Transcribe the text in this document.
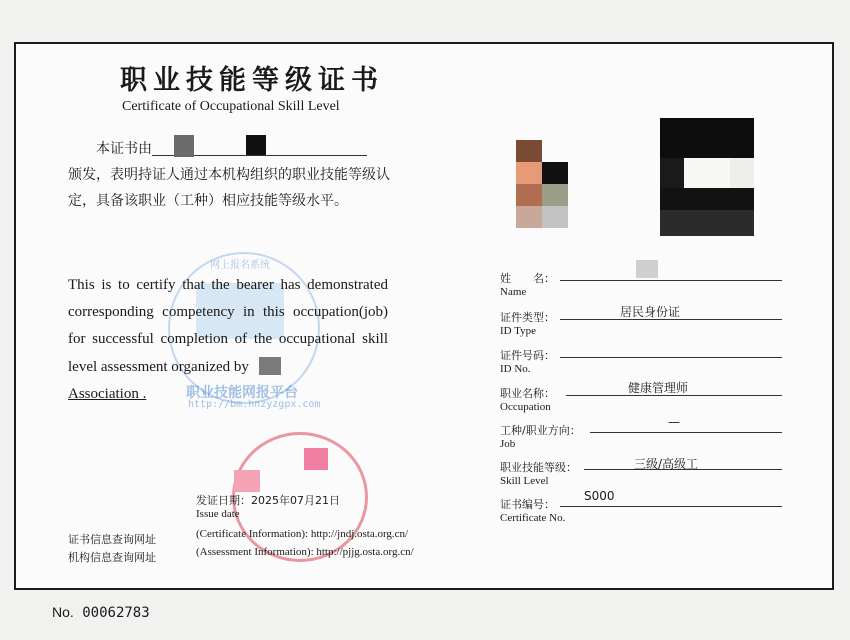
职业技能等级证书
Certificate of Occupational Skill Level
本证书由

颁发，表明持证人通过本机构组织的职业技能等级认定，具备该职业（工种）相应技能等级水平。
网上报名系统
This is to certify that the bearer has demonstrated corresponding competency in this occupation(job) for successful completion of the occupational skill level assessment organized by
Association .	职业技能网报平台
http://bm.hnzyzgpx.com
发证日期：2025年07月21日
Issue date
证书信息查询网址	(Certificate Information): http://jndj.osta.org.cn/
机构信息查询网址	(Assessment Information): http://pjjg.osta.org.cn/
姓　　名：
Name
证件类型：
ID Type
居民身份证
证件号码：
ID No.
职业名称：
Occupation
健康管理师
工种/职业方向：
Job
—
职业技能等级：
Skill Level
三级/高级工
证书编号：
Certificate No.
S000
No. 00062783
